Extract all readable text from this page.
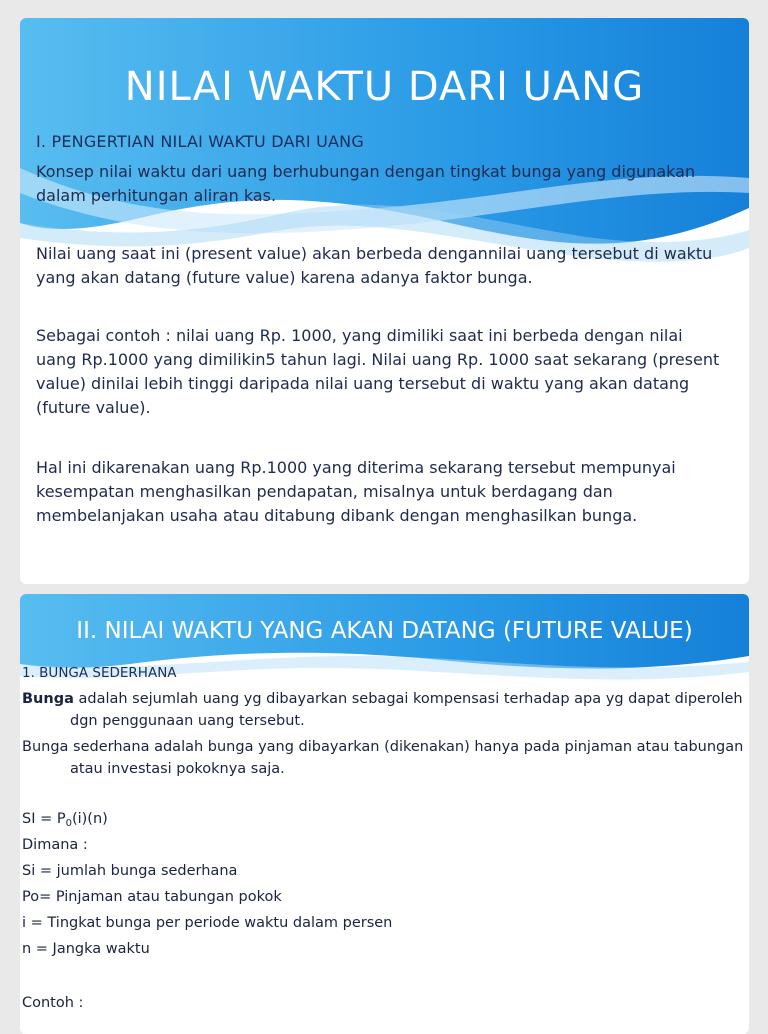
NILAI WAKTU DARI UANG
I. PENGERTIAN NILAI WAKTU DARI UANG

Konsep nilai waktu dari uang berhubungan dengan tingkat bunga yang digunakan dalam perhitungan aliran kas.

Nilai uang saat ini (present value) akan berbeda dengannilai uang tersebut di waktu yang akan datang (future value) karena adanya faktor bunga.

Sebagai contoh : nilai uang Rp. 1000, yang dimiliki saat ini berbeda dengan nilai uang Rp.1000 yang dimilikin5 tahun lagi. Nilai uang Rp. 1000 saat sekarang (present value) dinilai lebih tinggi daripada nilai uang tersebut di waktu yang akan datang (future value).

Hal ini dikarenakan uang Rp.1000 yang diterima sekarang tersebut mempunyai kesempatan menghasilkan pendapatan, misalnya untuk berdagang dan membelanjakan usaha atau ditabung dibank dengan menghasilkan bunga.

II. NILAI WAKTU YANG AKAN DATANG (FUTURE VALUE)
1. BUNGA SEDERHANA

Bunga adalah sejumlah uang yg dibayarkan sebagai kompensasi terhadap apa yg dapat diperoleh dgn penggunaan uang tersebut.

Bunga sederhana adalah bunga yang dibayarkan (dikenakan) hanya pada pinjaman atau tabungan atau investasi pokoknya saja.

SI = $P_0(i)(n)$

Dimana :

Si = jumlah bunga sederhana

Po= Pinjaman atau tabungan pokok

i = Tingkat bunga per periode waktu dalam persen

n = Jangka waktu

Contoh :
